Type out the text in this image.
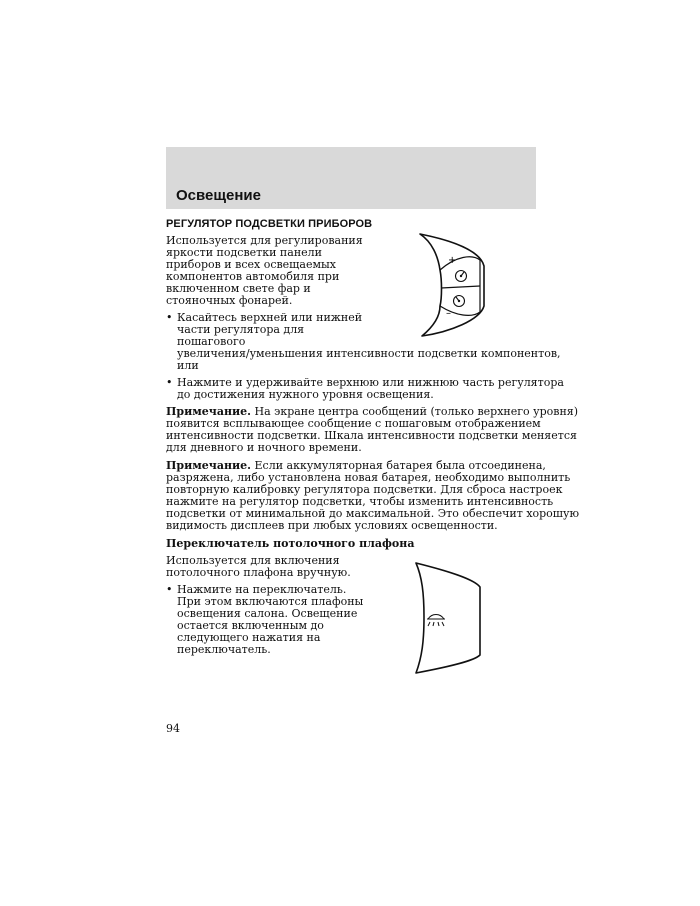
Освещение
РЕГУЛЯТОР ПОДСВЕТКИ ПРИБОРОВ

Используется для регулирования

яркости подсветки панели

приборов и всех освещаемых

компонентов автомобиля при

включенном свете фар и

стояночных фонарей.

• Касайтесь верхней или нижней

части регулятора для

пошагового

увеличения/уменьшения интенсивности подсветки компонентов,

или

• Нажмите и удерживайте верхнюю или нижнюю часть регулятора

до достижения нужного уровня освещения.

Примечание. На экране центра сообщений (только верхнего уровня)

появится всплывающее сообщение с пошаговым отображением

интенсивности подсветки. Шкала интенсивности подсветки меняется

для дневного и ночного времени.

Примечание. Если аккумуляторная батарея была отсоединена,

разряжена, либо установлена новая батарея, необходимо выполнить

повторную калибровку регулятора подсветки. Для сброса настроек

нажмите на регулятор подсветки, чтобы изменить интенсивность

подсветки от минимальной до максимальной. Это обеспечит хорошую

видимость дисплеев при любых условиях освещенности.

Переключатель потолочного плафона

Используется для включения

потолочного плафона вручную.

• Нажмите на переключатель.

При этом включаются плафоны

освещения салона. Освещение

остается включенным до

следующего нажатия на

переключатель.

+
–

94
